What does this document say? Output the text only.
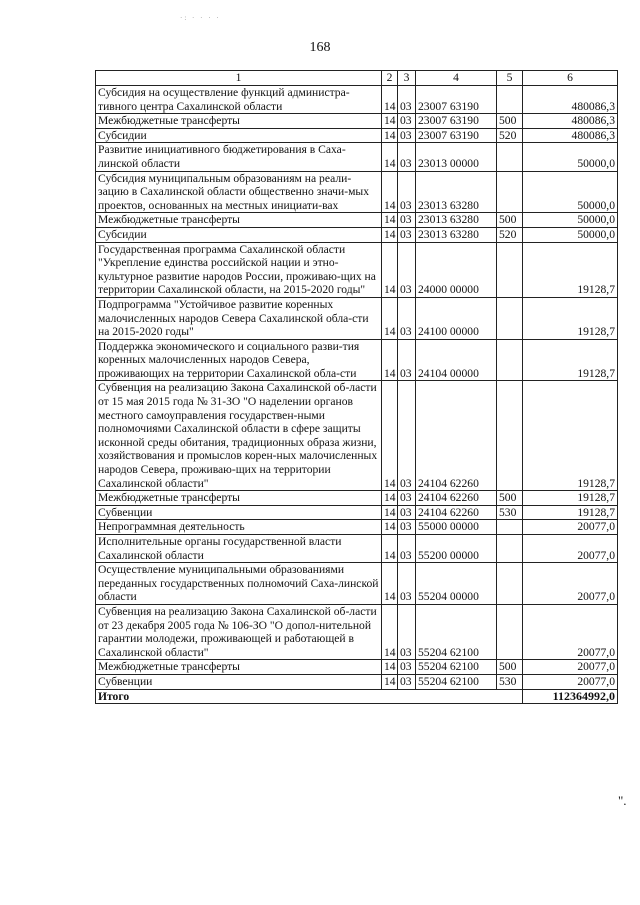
·: · · · ·
168
1	2	3	4	5	6
Субсидия на осуществление функций администра-тивного центра Сахалинской области	14	03	23007 63190		480086,3
Межбюджетные трансферты	14	03	23007 63190	500	480086,3
Субсидии	14	03	23007 63190	520	480086,3
Развитие инициативного бюджетирования в Саха-линской области	14	03	23013 00000		50000,0
Субсидия муниципальным образованиям на реали-зацию в Сахалинской области общественно значи-мых проектов, основанных на местных инициати-вах	14	03	23013 63280		50000,0
Межбюджетные трансферты	14	03	23013 63280	500	50000,0
Субсидии	14	03	23013 63280	520	50000,0
Государственная программа Сахалинской области "Укрепление единства российской нации и этно-культурное развитие народов России, проживаю-щих на территории Сахалинской области, на 2015-2020 годы"	14	03	24000 00000		19128,7
Подпрограмма "Устойчивое развитие коренных малочисленных народов Севера Сахалинской обла-сти на 2015-2020 годы"	14	03	24100 00000		19128,7
Поддержка экономического и социального разви-тия коренных малочисленных народов Севера, проживающих на территории Сахалинской обла-сти	14	03	24104 00000		19128,7
Субвенция на реализацию Закона Сахалинской об-ласти от 15 мая 2015 года № 31-ЗО "О наделении органов местного самоуправления государствен-ными полномочиями Сахалинской области в сфере защиты исконной среды обитания, традиционных образа жизни, хозяйствования и промыслов корен-ных малочисленных народов Севера, проживаю-щих на территории Сахалинской области"	14	03	24104 62260		19128,7
Межбюджетные трансферты	14	03	24104 62260	500	19128,7
Субвенции	14	03	24104 62260	530	19128,7
Непрограммная деятельность	14	03	55000 00000		20077,0
Исполнительные органы государственной власти Сахалинской области	14	03	55200 00000		20077,0
Осуществление муниципальными образованиями переданных государственных полномочий Саха-линской области	14	03	55204 00000		20077,0
Субвенция на реализацию Закона Сахалинской об-ласти от 23 декабря 2005 года № 106-ЗО "О допол-нительной гарантии молодежи, проживающей и работающей в Сахалинской области"	14	03	55204 62100		20077,0
Межбюджетные трансферты	14	03	55204 62100	500	20077,0
Субвенции	14	03	55204 62100	530	20077,0
Итого					112364992,0
".
